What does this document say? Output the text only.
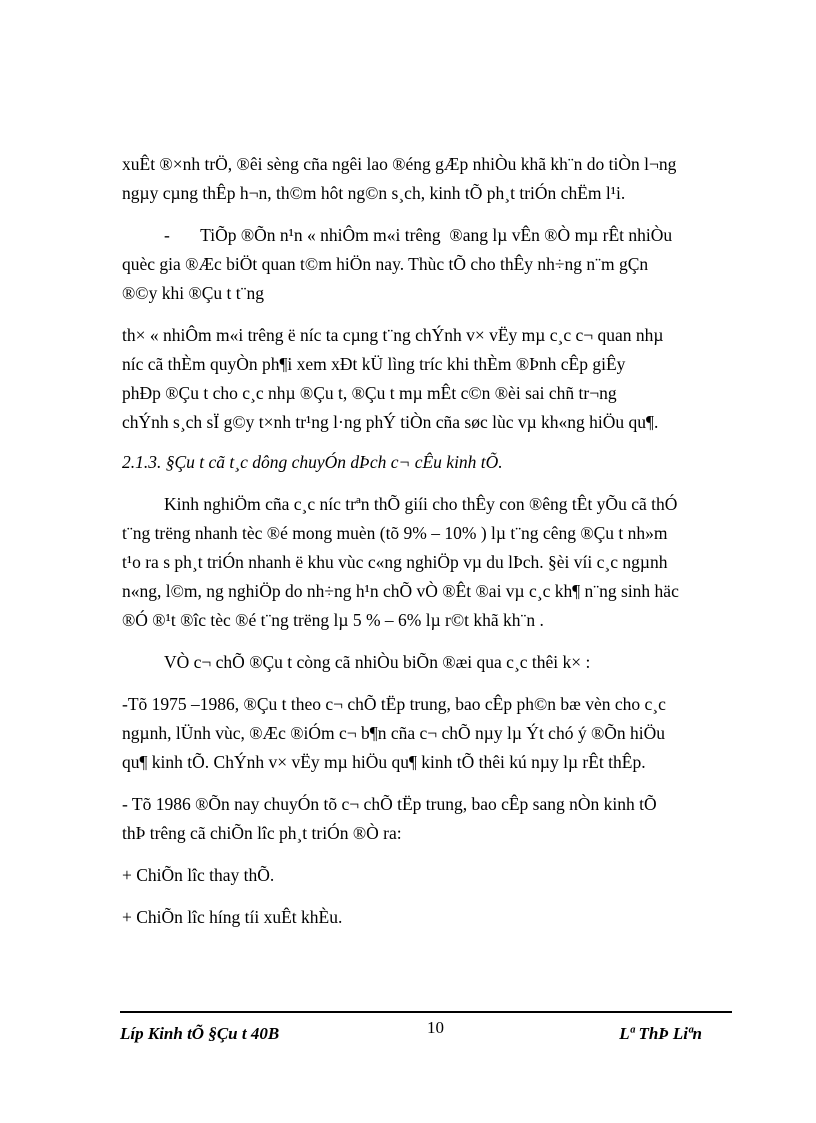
xuÊt ®×nh trÖ, ®êi sèng cña ngêi lao ®éng gÆp nhiÒu khã kh¨n do tiÒn l¬ng
ngµy cµng thÊp h¬n, th©m hôt ng©n s¸ch, kinh tÕ ph¸t triÓn chËm l¹i.

-       TiÕp ®Õn n¹n « nhiÔm m«i trêng  ®ang lµ vÊn ®Ò mµ rÊt nhiÒu

quèc gia ®Æc biÖt quan t©m hiÖn nay. Thùc tÕ cho thÊy nh÷ng n¨m gÇn
®©y khi ®Çu t t¨ng

th× « nhiÔm m«i trêng ë níc ta cµng t¨ng chÝnh v× vËy mµ c¸c c¬ quan nhµ
níc cã thÈm quyÒn ph¶i xem xÐt kÜ lìng tríc khi thÈm ®Þnh cÊp giÊy
phÐp ®Çu t cho c¸c nhµ ®Çu t, ®Çu t mµ mÊt c©n ®èi sai chñ tr¬ng
chÝnh s¸ch sÏ g©y t×nh tr¹ng l·ng phÝ tiÒn cña søc lùc vµ kh«ng hiÖu qu¶.

2.1.3. §Çu t cã t¸c dông chuyÓn dÞch c¬ cÊu kinh tÕ.

Kinh nghiÖm cña c¸c níc trªn thÕ giíi cho thÊy con ®êng tÊt yÕu cã thÓ

t¨ng trëng nhanh tèc ®é mong muèn (tõ 9% – 10% ) lµ t¨ng cêng ®Çu t nh»m
t¹o ra s ph¸t triÓn nhanh ë khu vùc c«ng nghiÖp vµ du lÞch. §èi víi c¸c ngµnh
n«ng, l©m, ng nghiÖp do nh÷ng h¹n chÕ vÒ ®Êt ®ai vµ c¸c kh¶ n¨ng sinh häc
®Ó ®¹t ®îc tèc ®é t¨ng trëng lµ 5 % – 6% lµ r©t khã kh¨n .

VÒ c¬ chÕ ®Çu t còng cã nhiÒu biÕn ®æi qua c¸c thêi k× :

-Tõ 1975 –1986, ®Çu t theo c¬ chÕ tËp trung, bao cÊp ph©n bæ vèn cho c¸c
ngµnh, lÜnh vùc, ®Æc ®iÓm c¬ b¶n cña c¬ chÕ nµy lµ Ýt chó ý ®Õn hiÖu
qu¶ kinh tÕ. ChÝnh v× vËy mµ hiÖu qu¶ kinh tÕ thêi kú nµy lµ rÊt thÊp.

- Tõ 1986 ®Õn nay chuyÓn tõ c¬ chÕ tËp trung, bao cÊp sang nÒn kinh tÕ
thÞ trêng cã chiÕn lîc ph¸t triÓn ®Ò ra:

+ ChiÕn lîc thay thÕ.

+ ChiÕn lîc híng tíi xuÊt khÈu.

Líp Kinh tÕ §Çu t 40B	10	Lª ThÞ Liªn
